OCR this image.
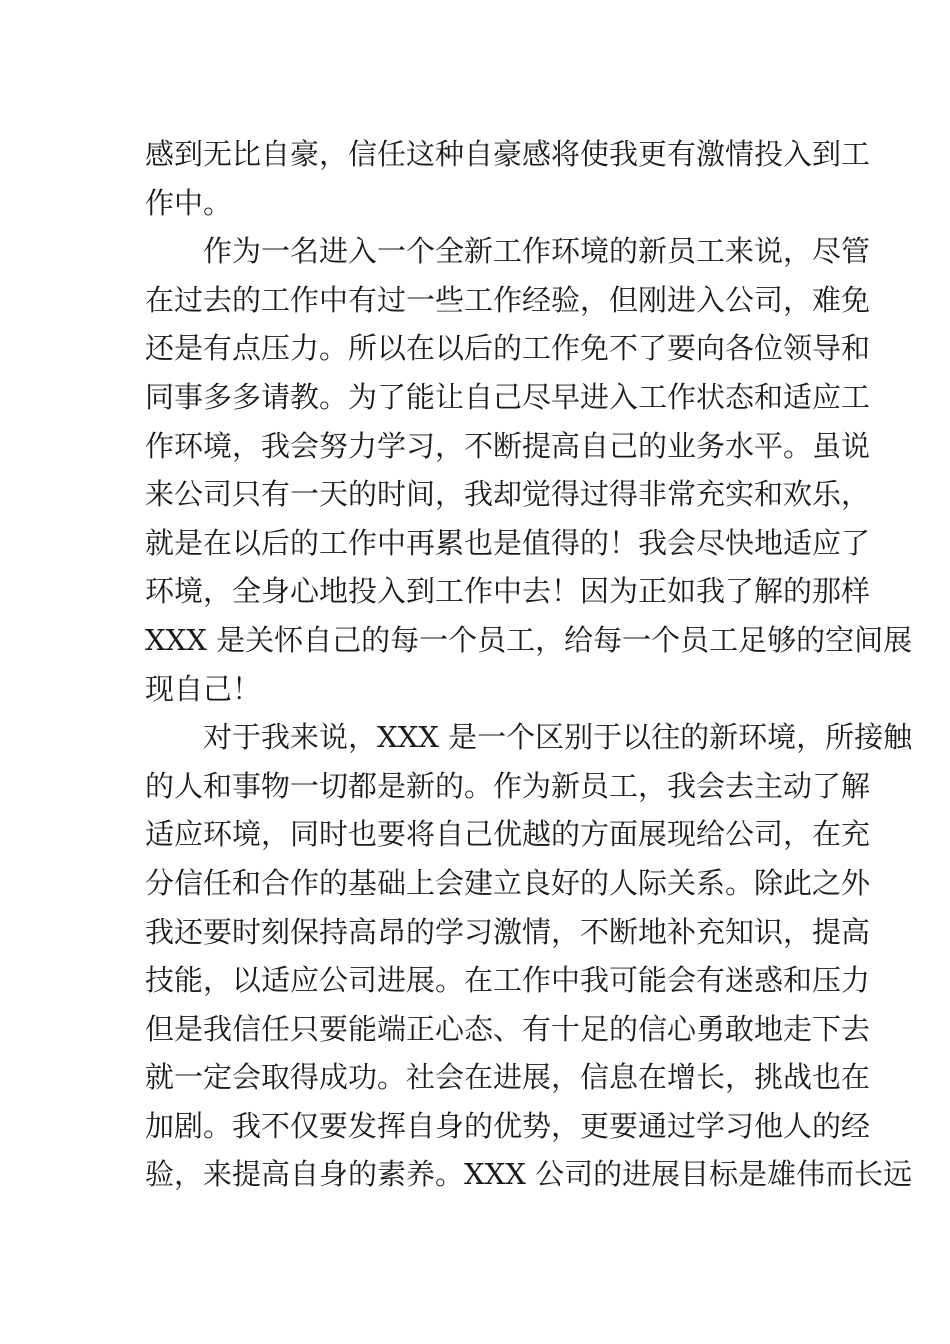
感到无比自豪，信任这种自豪感将使我更有激情投入到工
作中。
作为一名进入一个全新工作环境的新员工来说，尽管
在过去的工作中有过一些工作经验，但刚进入公司，难免
还是有点压力。所以在以后的工作免不了要向各位领导和
同事多多请教。为了能让自己尽早进入工作状态和适应工
作环境，我会努力学习，不断提高自己的业务水平。虽说
来公司只有一天的时间，我却觉得过得非常充实和欢乐，
就是在以后的工作中再累也是值得的！我会尽快地适应了
环境，全身心地投入到工作中去！因为正如我了解的那样
XXX 是关怀自己的每一个员工，给每一个员工足够的空间展
现自己！
对于我来说，XXX 是一个区别于以往的新环境，所接触
的人和事物一切都是新的。作为新员工，我会去主动了解
适应环境，同时也要将自己优越的方面展现给公司，在充
分信任和合作的基础上会建立良好的人际关系。除此之外
我还要时刻保持高昂的学习激情，不断地补充知识，提高
技能，以适应公司进展。在工作中我可能会有迷惑和压力
但是我信任只要能端正心态、有十足的信心勇敢地走下去
就一定会取得成功。社会在进展，信息在增长，挑战也在
加剧。我不仅要发挥自身的优势，更要通过学习他人的经
验，来提高自身的素养。XXX 公司的进展目标是雄伟而长远
